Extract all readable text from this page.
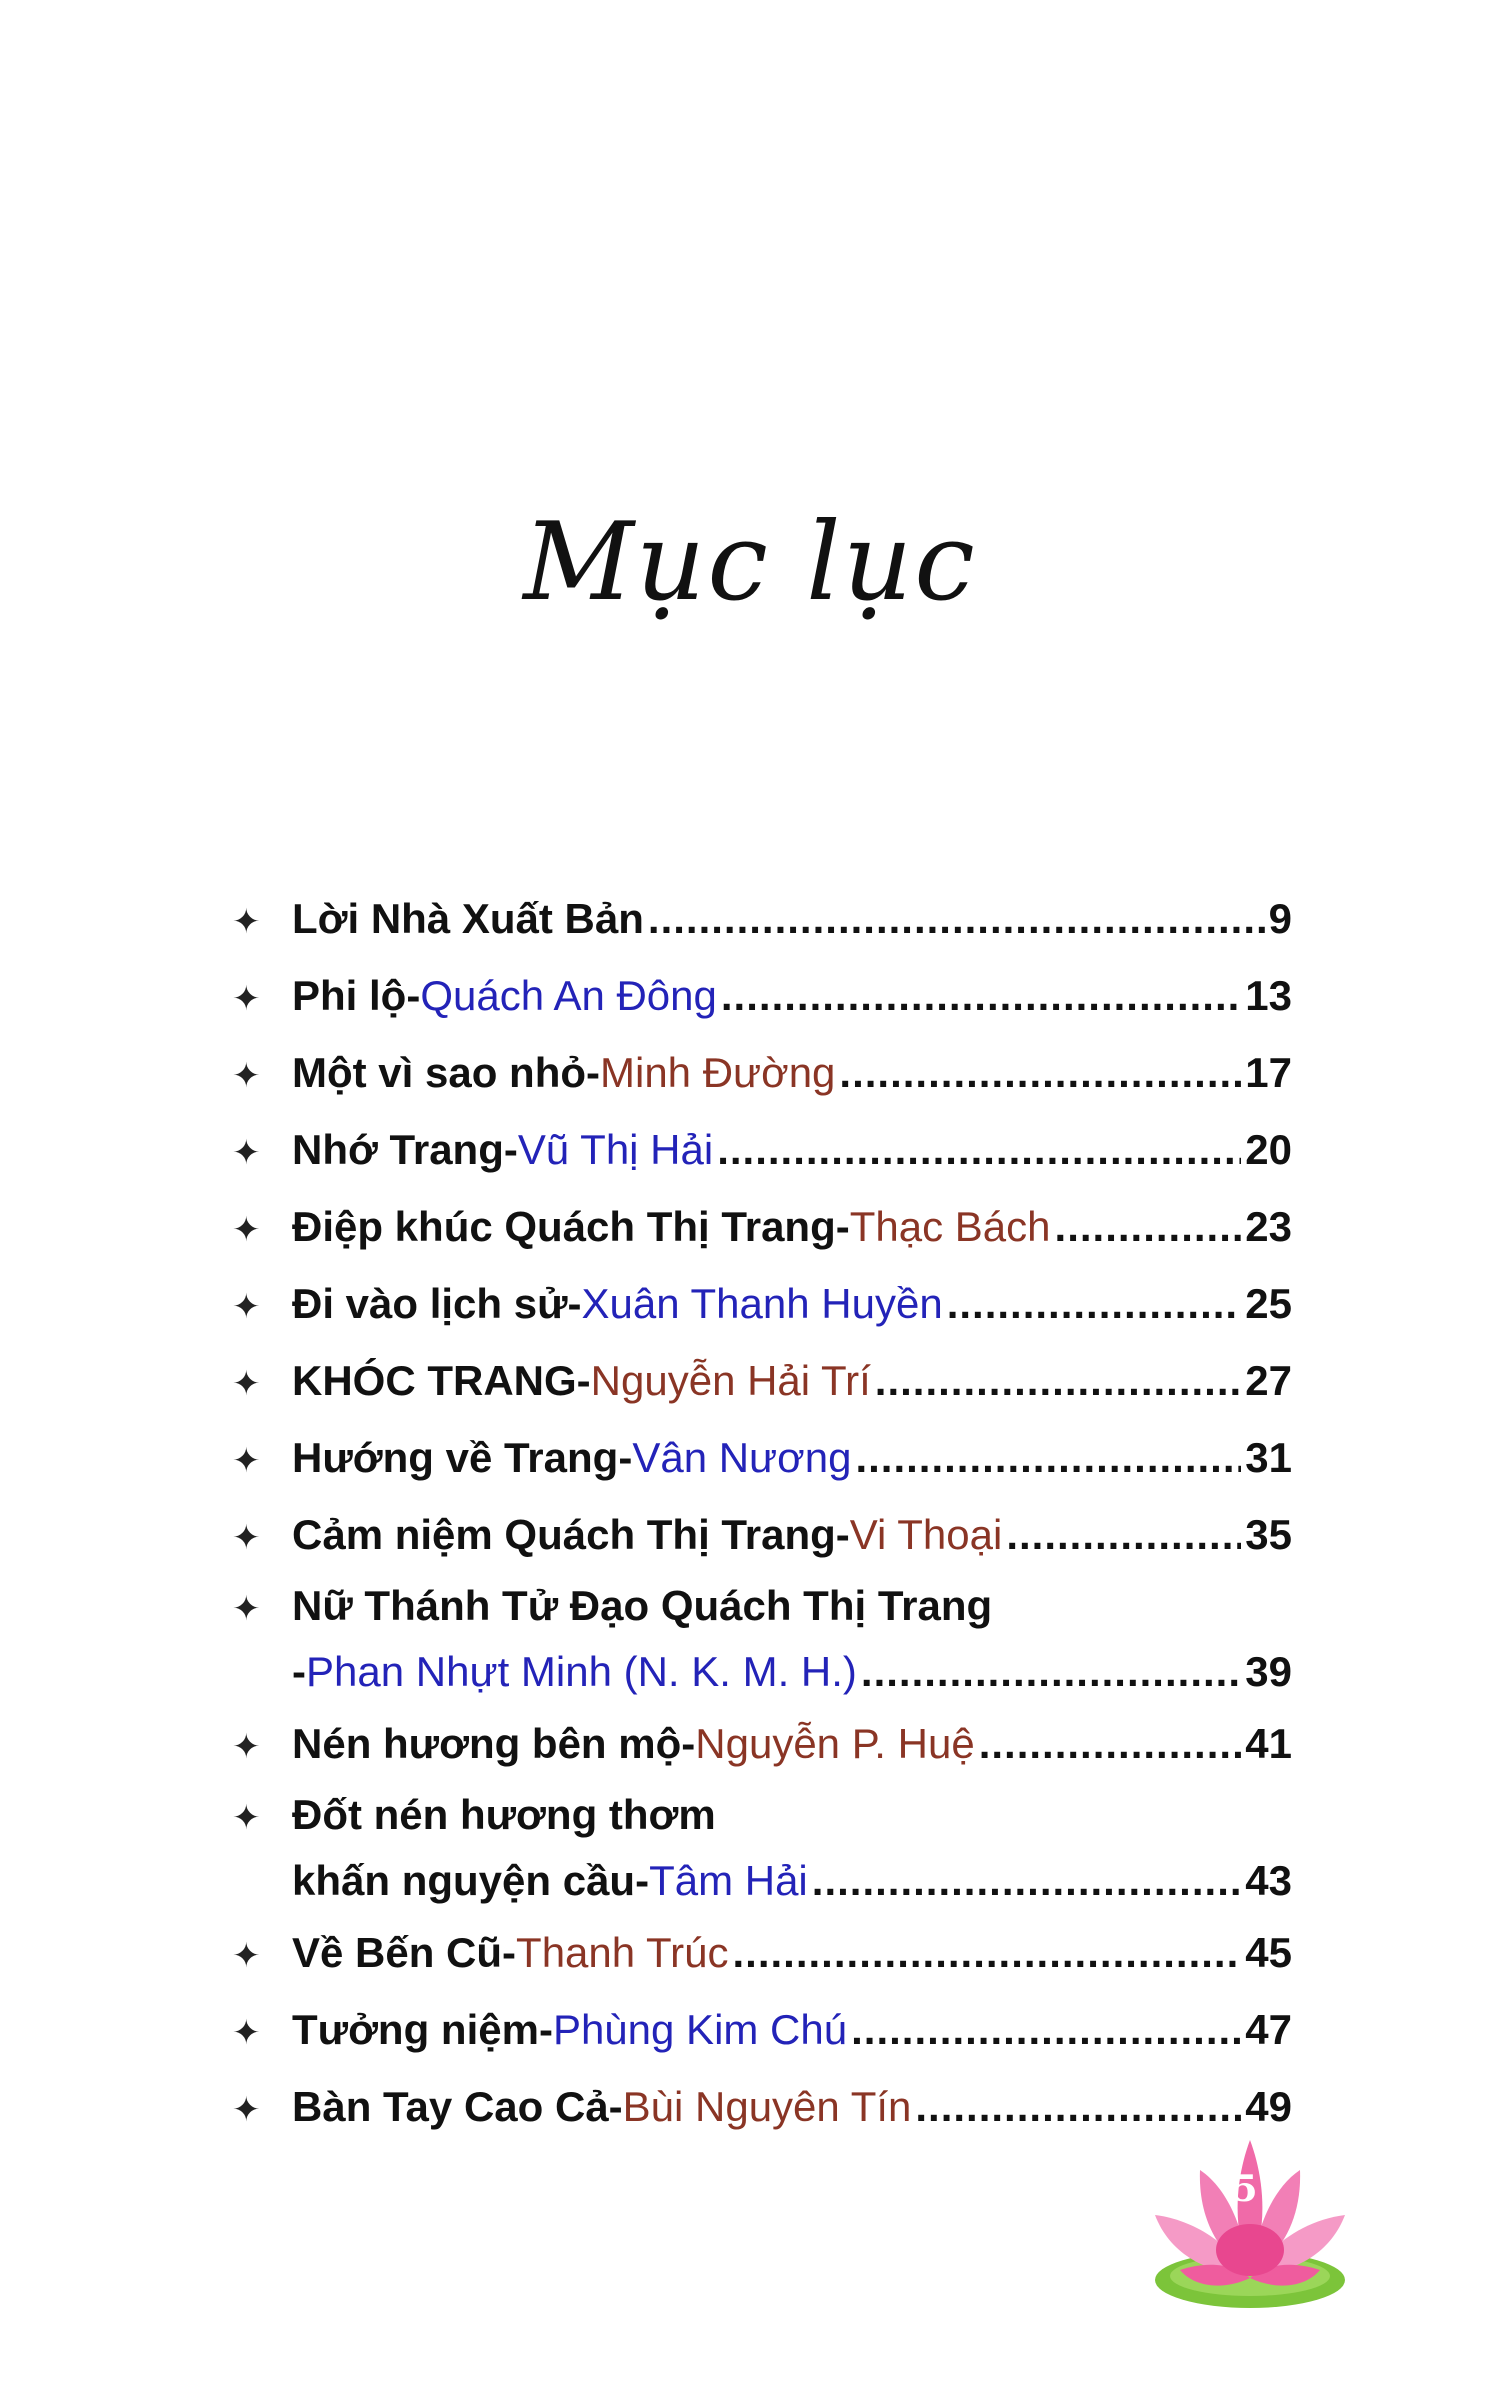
Mục lục
✦ Lời Nhà Xuất Bản .....	9
✦ Phi lộ - Quách An Đông .....	13
✦ Một vì sao nhỏ - Minh Đường .....	17
✦ Nhớ Trang - Vũ Thị Hải .....	20
✦ Điệp khúc Quách Thị Trang - Thạc Bách .....	23
✦ Đi vào lịch sử - Xuân Thanh Huyền .....	25
✦ KHÓC TRANG - Nguyễn Hải Trí .....	27
✦ Hướng về Trang - Vân Nương .....	31
✦ Cảm niệm Quách Thị Trang - Vi Thoại .....	35
✦ Nữ Thánh Tử Đạo Quách Thị Trang
- Phan Nhựt Minh (N. K. M. H.) .....	39
✦ Nén hương bên mộ - Nguyễn P. Huệ .....	41
✦ Đốt nén hương thơm
khấn nguyện cầu - Tâm Hải .....	43
✦ Về Bến Cũ - Thanh Trúc .....	45
✦ Tưởng niệm - Phùng Kim Chú .....	47
✦ Bàn Tay Cao Cả - Bùi Nguyên Tín .....	49
5
